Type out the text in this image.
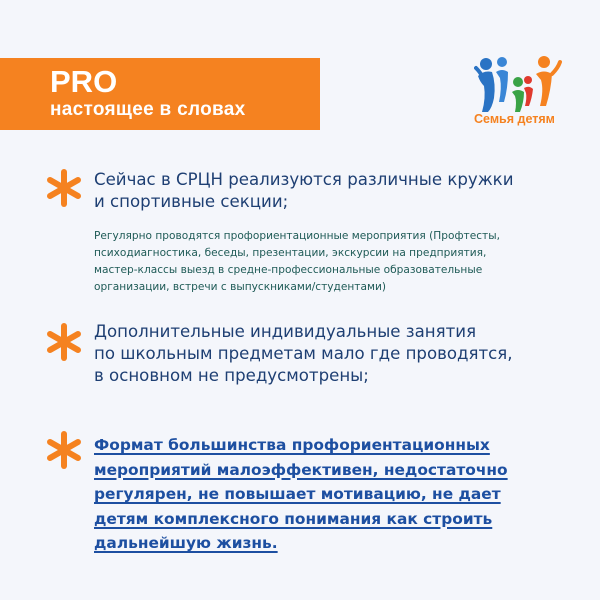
PRO
настоящее в словах	Семья детям
Сейчас в СРЦН реализуются различные кружки
и спортивные секции;
Регулярно проводятся профориентационные мероприятия (Профтесты,
психодиагностика, беседы, презентации, экскурсии на предприятия,
мастер-классы выезд в средне-профессиональные образовательные
организации, встречи с выпускниками/студентами)
Дополнительные индивидуальные занятия
по школьным предметам мало где проводятся,
в основном не предусмотрены;
Формат большинства профориентационных
мероприятий малоэффективен, недостаточно
регулярен, не повышает мотивацию, не дает
детям комплексного понимания как строить
дальнейшую жизнь.
